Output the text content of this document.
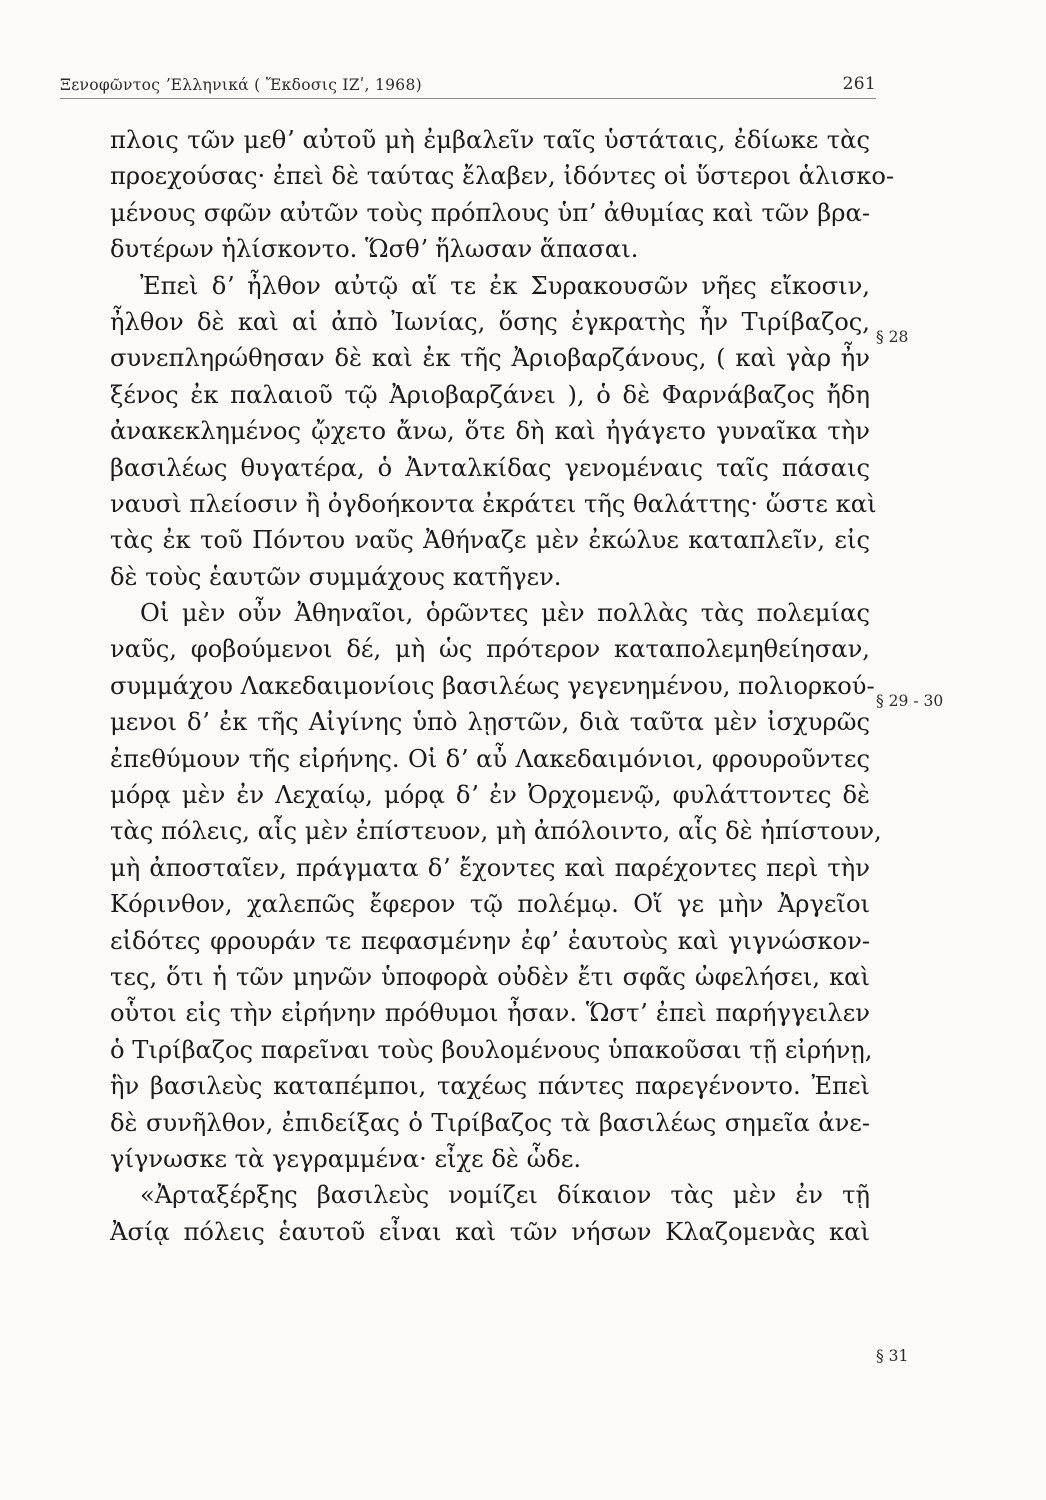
Ξενοφῶντος ʼΕλληνικά ( Ἔκδοσις ΙΖʹ, 1968)	261
πλοις τῶν μεθʼ αὐτοῦ μὴ ἐμβαλεῖν ταῖς ὑστάταις, ἐδίωκε τὰς
προεχούσας· ἐπεὶ δὲ ταύτας ἔλαβεν, ἰδόντες οἱ ὕστεροι ἁλισκο-
μένους σφῶν αὐτῶν τοὺς πρόπλους ὑπʼ ἀθυμίας καὶ τῶν βρα-
δυτέρων ἡλίσκοντο. Ὥσθʼ ἥλωσαν ἅπασαι.
Ἐπεὶ δʼ ἦλθον αὐτῷ αἵ τε ἐκ Συρακουσῶν νῆες εἴκοσιν,
ἦλθον δὲ καὶ αἱ ἀπὸ Ἰωνίας, ὅσης ἐγκρατὴς ἦν Τιρίβαζος,
συνεπληρώθησαν δὲ καὶ ἐκ τῆς Ἀριοβαρζάνους, ( καὶ γὰρ ἦν
ξένος ἐκ παλαιοῦ τῷ Ἀριοβαρζάνει ), ὁ δὲ Φαρνάβαζος ἤδη
ἀνακεκλημένος ᾤχετο ἄνω, ὅτε δὴ καὶ ἠγάγετο γυναῖκα τὴν
βασιλέως θυγατέρα, ὁ Ἀνταλκίδας γενομέναις ταῖς πάσαις
ναυσὶ πλείοσιν ἢ ὀγδοήκοντα ἐκράτει τῆς θαλάττης· ὥστε καὶ
τὰς ἐκ τοῦ Πόντου ναῦς Ἀθήναζε μὲν ἐκώλυε καταπλεῖν, εἰς
δὲ τοὺς ἑαυτῶν συμμάχους κατῆγεν.
Οἱ μὲν οὖν Ἀθηναῖοι, ὁρῶντες μὲν πολλὰς τὰς πολεμίας
ναῦς, φοβούμενοι δέ, μὴ ὡς πρότερον καταπολεμηθείησαν,
συμμάχου Λακεδαιμονίοις βασιλέως γεγενημένου, πολιορκού-
μενοι δʼ ἐκ τῆς Αἰγίνης ὑπὸ λῃστῶν, διὰ ταῦτα μὲν ἰσχυρῶς
ἐπεθύμουν τῆς εἰρήνης. Οἱ δʼ αὖ Λακεδαιμόνιοι, φρουροῦντες
μόρᾳ μὲν ἐν Λεχαίῳ, μόρᾳ δʼ ἐν Ὀρχομενῷ, φυλάττοντες δὲ
τὰς πόλεις, αἷς μὲν ἐπίστευον, μὴ ἀπόλοιντο, αἷς δὲ ἠπίστουν,
μὴ ἀποσταῖεν, πράγματα δʼ ἔχοντες καὶ παρέχοντες περὶ τὴν
Κόρινθον, χαλεπῶς ἔφερον τῷ πολέμῳ. Οἵ γε μὴν Ἀργεῖοι
εἰδότες φρουράν τε πεφασμένην ἐφʼ ἑαυτοὺς καὶ γιγνώσκον-
τες, ὅτι ἡ τῶν μηνῶν ὑποφορὰ οὐδὲν ἔτι σφᾶς ὠφελήσει, καὶ
οὗτοι εἰς τὴν εἰρήνην πρόθυμοι ἦσαν. Ὥστʼ ἐπεὶ παρήγγειλεν
ὁ Τιρίβαζος παρεῖναι τοὺς βουλομένους ὑπακοῦσαι τῇ εἰρήνῃ,
ἣν βασιλεὺς καταπέμποι, ταχέως πάντες παρεγένοντο. Ἐπεὶ
δὲ συνῆλθον, ἐπιδείξας ὁ Τιρίβαζος τὰ βασιλέως σημεῖα ἀνε-
γίγνωσκε τὰ γεγραμμένα· εἶχε δὲ ὧδε.
«Ἀρταξέρξης βασιλεὺς νομίζει δίκαιον τὰς μὲν ἐν τῇ
Ἀσίᾳ πόλεις ἑαυτοῦ εἶναι καὶ τῶν νήσων Κλαζομενὰς καὶ
§ 28
§ 29 - 30
§ 31
